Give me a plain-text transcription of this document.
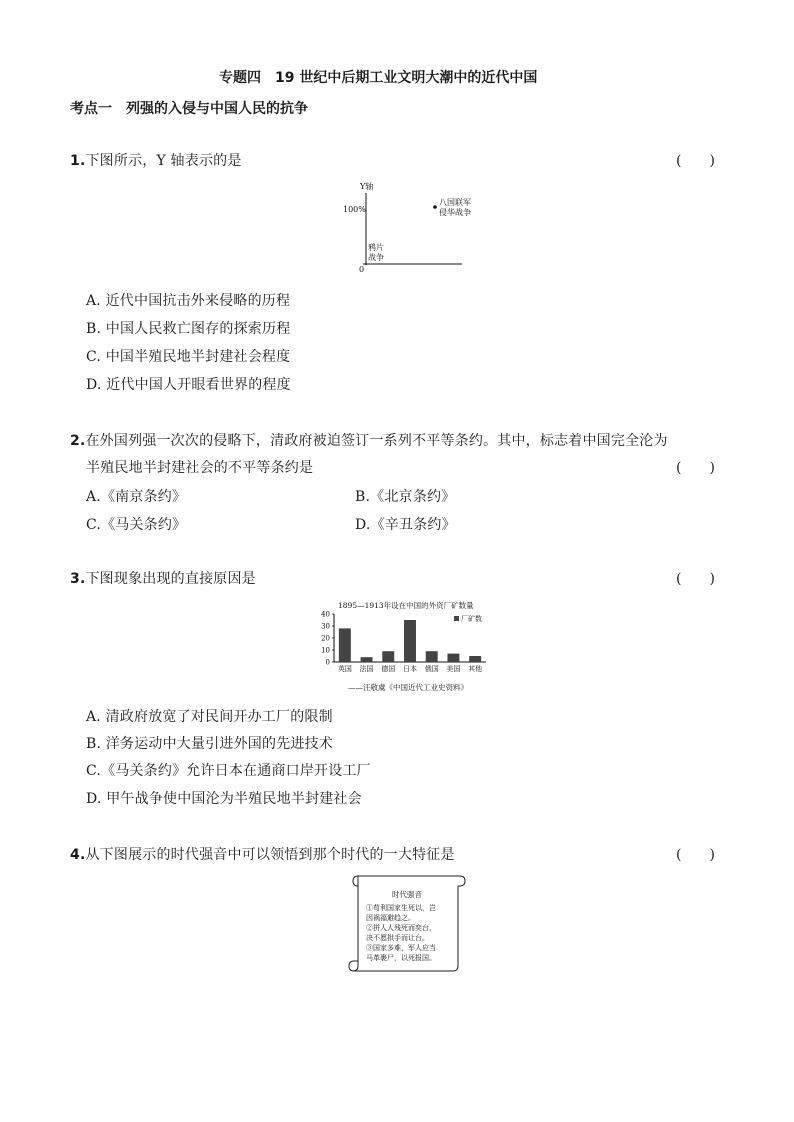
专题四　19 世纪中后期工业文明大潮中的近代中国
考点一　列强的入侵与中国人民的抗争
1.下图所示，Y 轴表示的是	(　　)
Y轴
100%
0
鸦片
战争
八国联军
侵华战争
A. 近代中国抗击外来侵略的历程
B. 中国人民救亡图存的探索历程
C. 中国半殖民地半封建社会程度
D. 近代中国人开眼看世界的程度
2.在外国列强一次次的侵略下，清政府被迫签订一系列不平等条约。其中，标志着中国完全沦为
半殖民地半封建社会的不平等条约是	(　　)
A.《南京条约》	B.《北京条约》
C.《马关条约》	D.《辛丑条约》
3.下图现象出现的直接原因是	(　　)
1895—1913年设在中国的外资厂矿数量
0
10
20
30
40
英国 法国 德国 日本 俄国 美国 其他
厂矿数
——汪敬虞《中国近代工业史资料》
A. 清政府放宽了对民间开办工厂的限制
B. 洋务运动中大量引进外国的先进技术
C.《马关条约》允许日本在通商口岸开设工厂
D. 甲午战争使中国沦为半殖民地半封建社会
4.从下图展示的时代强音中可以领悟到那个时代的一大特征是	(　　)
时代强音
①苟利国家生死以，岂
因祸福避趋之。
②拼人人残死而奕台，
决不愿拱手而让台。
③国家多难，军人应当
马革裹尸，以死报国。
